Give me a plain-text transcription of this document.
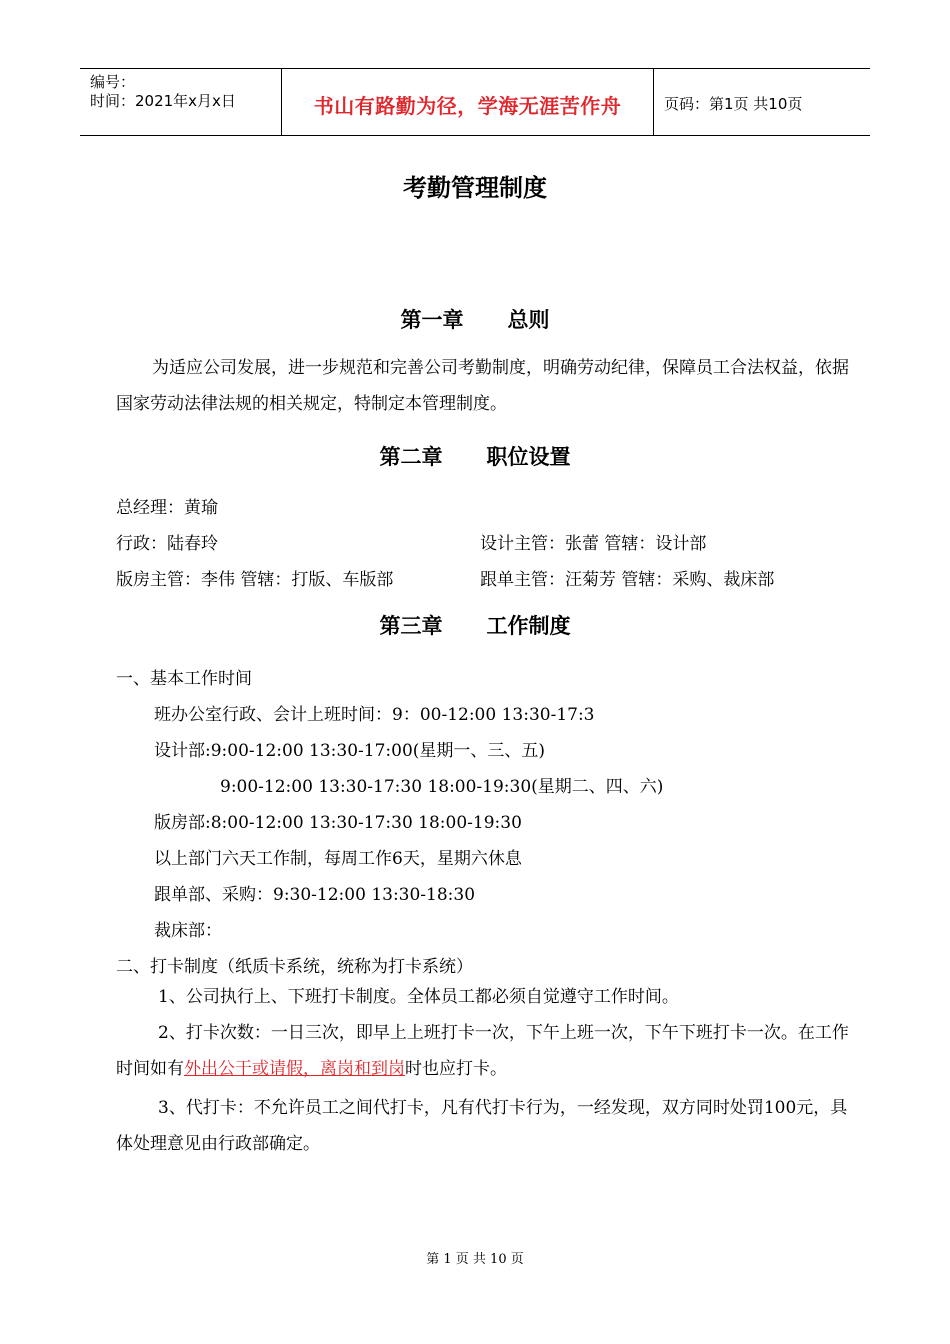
编号：
时间：2021年x月x日	书山有路勤为径，学海无涯苦作舟	页码：第1页 共10页
考勤管理制度
第一章 总则
为适应公司发展，进一步规范和完善公司考勤制度，明确劳动纪律，保障员工合法权益，依据国家劳动法律法规的相关规定，特制定本管理制度。
第二章 职位设置
总经理：黄瑜
行政：陆春玲	设计主管：张蕾 管辖：设计部
版房主管：李伟 管辖：打版、车版部	跟单主管：汪菊芳 管辖：采购、裁床部
第三章 工作制度
一、基本工作时间
班办公室行政、会计上班时间：9：00-12:00 13:30-17:3
设计部:9:00-12:00 13:30-17:00(星期一、三、五)
9:00-12:00 13:30-17:30 18:00-19:30(星期二、四、六)
版房部:8:00-12:00 13:30-17:30 18:00-19:30
以上部门六天工作制，每周工作6天，星期六休息
跟单部、采购：9:30-12:00 13:30-18:30
裁床部：
二、打卡制度（纸质卡系统，统称为打卡系统）
1、公司执行上、下班打卡制度。全体员工都必须自觉遵守工作时间。
2、打卡次数：一日三次，即早上上班打卡一次，下午上班一次，下午下班打卡一次。在工作时间如有外出公干或请假，离岗和到岗时也应打卡。
3、代打卡：不允许员工之间代打卡，凡有代打卡行为，一经发现，双方同时处罚100元，具体处理意见由行政部确定。
第 1 页 共 10 页
